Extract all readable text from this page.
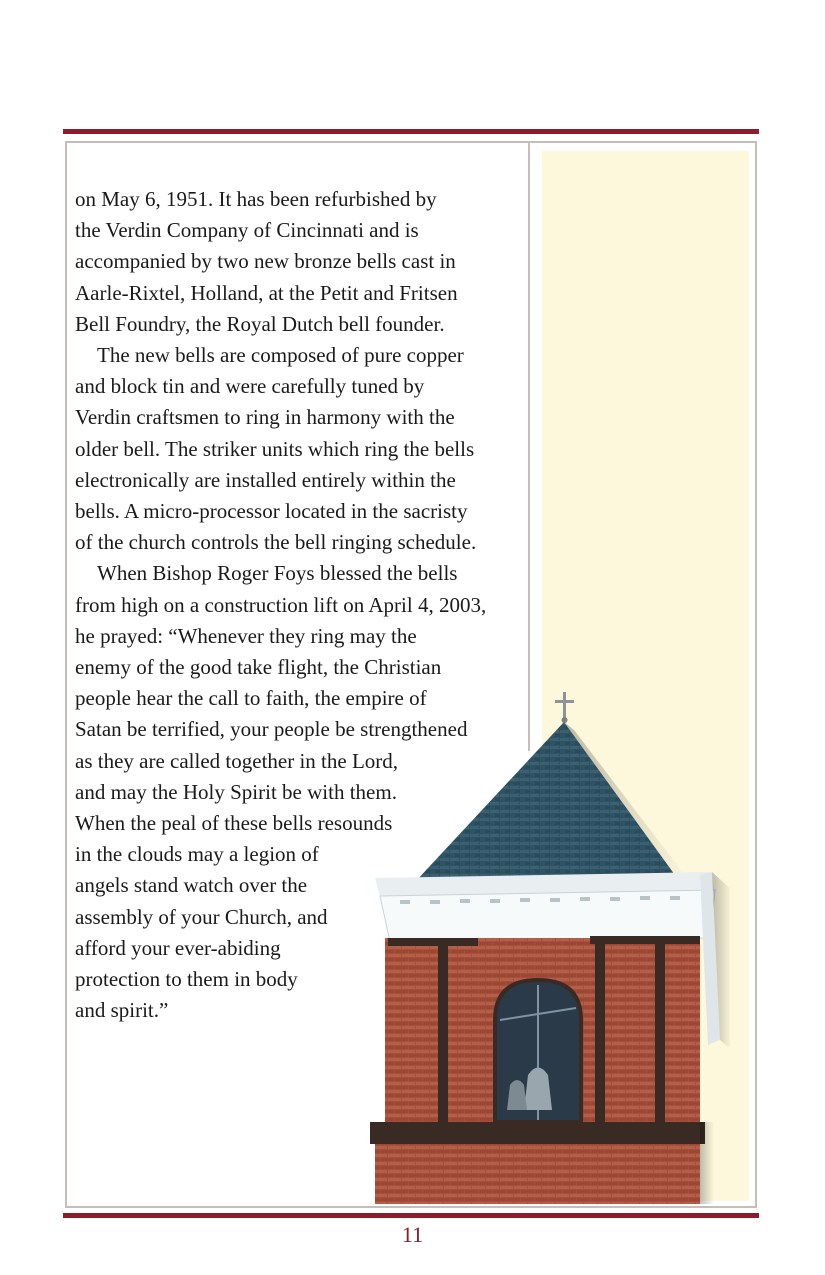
on May 6, 1951. It has been refurbished by
the Verdin Company of Cincinnati and is
accompanied by two new bronze bells cast in
Aarle-Rixtel, Holland, at the Petit and Fritsen
Bell Foundry, the Royal Dutch bell founder.
The new bells are composed of pure copper
and block tin and were carefully tuned by
Verdin craftsmen to ring in harmony with the
older bell. The striker units which ring the bells
electronically are installed entirely within the
bells. A micro-processor located in the sacristy
of the church controls the bell ringing schedule.
When Bishop Roger Foys blessed the bells
from high on a construction lift on April 4, 2003,
he prayed: “Whenever they ring may the
enemy of the good take flight, the Christian
people hear the call to faith, the empire of
Satan be terrified, your people be strengthened
as they are called together in the Lord,
and may the Holy Spirit be with them.
When the peal of these bells resounds
in the clouds may a legion of
angels stand watch over the
assembly of your Church, and
afford your ever-abiding
protection to them in body
and spirit.”
11
